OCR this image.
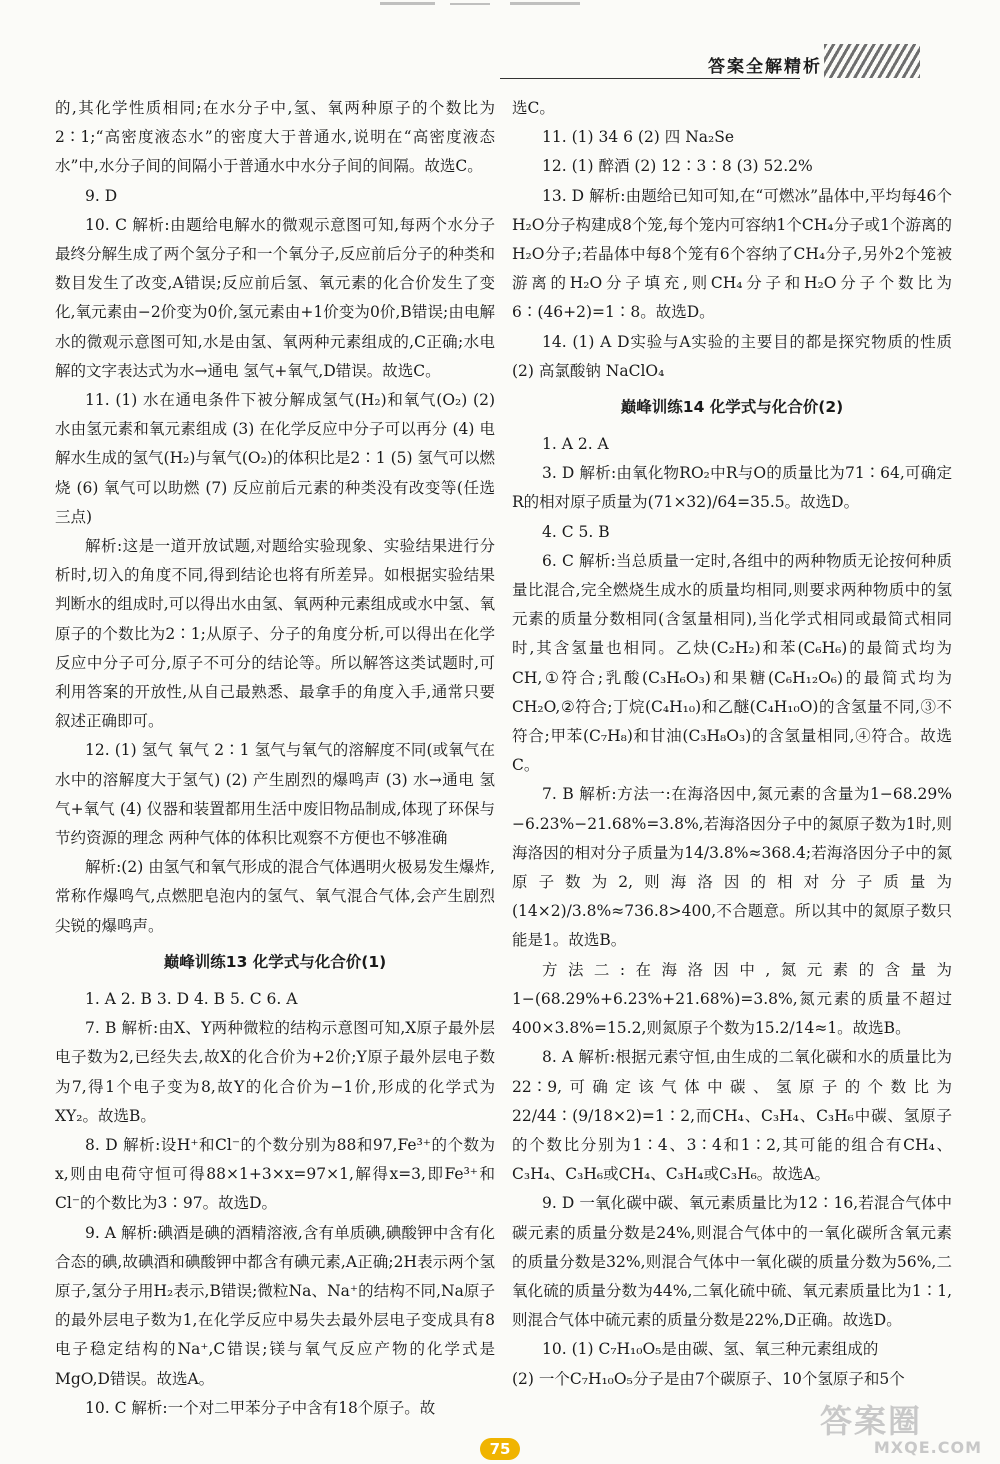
答案全解精析

的,其化学性质相同;在水分子中,氢、氧两种原子的个数比为2∶1;“高密度液态水”的密度大于普通水,说明在“高密度液态水”中,水分子间的间隔小于普通水中水分子间的间隔。故选C。

9. D

10. C 解析:由题给电解水的微观示意图可知,每两个水分子最终分解生成了两个氢分子和一个氧分子,反应前后分子的种类和数目发生了改变,A错误;反应前后氢、氧元素的化合价发生了变化,氧元素由−2价变为0价,氢元素由+1价变为0价,B错误;由电解水的微观示意图可知,水是由氢、氧两种元素组成的,C正确;水电解的文字表达式为水→通电 氢气+氧气,D错误。故选C。

11. (1) 水在通电条件下被分解成氢气(H₂)和氧气(O₂) (2) 水由氢元素和氧元素组成 (3) 在化学反应中分子可以再分 (4) 电解水生成的氢气(H₂)与氧气(O₂)的体积比是2∶1 (5) 氢气可以燃烧 (6) 氧气可以助燃 (7) 反应前后元素的种类没有改变等(任选三点)

解析:这是一道开放试题,对题给实验现象、实验结果进行分析时,切入的角度不同,得到结论也将有所差异。如根据实验结果判断水的组成时,可以得出水由氢、氧两种元素组成或水中氢、氧原子的个数比为2∶1;从原子、分子的角度分析,可以得出在化学反应中分子可分,原子不可分的结论等。所以解答这类试题时,可利用答案的开放性,从自己最熟悉、最拿手的角度入手,通常只要叙述正确即可。

12. (1) 氢气 氧气 2∶1 氢气与氧气的溶解度不同(或氧气在水中的溶解度大于氢气) (2) 产生剧烈的爆鸣声 (3) 水→通电 氢气+氧气 (4) 仪器和装置都用生活中废旧物品制成,体现了环保与节约资源的理念 两种气体的体积比观察不方便也不够准确

解析:(2) 由氢气和氧气形成的混合气体遇明火极易发生爆炸,常称作爆鸣气,点燃肥皂泡内的氢气、氧气混合气体,会产生剧烈尖锐的爆鸣声。

巅峰训练13 化学式与化合价(1)

1. A 2. B 3. D 4. B 5. C 6. A

7. B 解析:由X、Y两种微粒的结构示意图可知,X原子最外层电子数为2,已经失去,故X的化合价为+2价;Y原子最外层电子数为7,得1个电子变为8,故Y的化合价为−1价,形成的化学式为XY₂。故选B。

8. D 解析:设H⁺和Cl⁻的个数分别为88和97,Fe³⁺的个数为x,则由电荷守恒可得88×1+3×x=97×1,解得x=3,即Fe³⁺和Cl⁻的个数比为3∶97。故选D。

9. A 解析:碘酒是碘的酒精溶液,含有单质碘,碘酸钾中含有化合态的碘,故碘酒和碘酸钾中都含有碘元素,A正确;2H表示两个氢原子,氢分子用H₂表示,B错误;微粒Na、Na⁺的结构不同,Na原子的最外层电子数为1,在化学反应中易失去最外层电子变成具有8电子稳定结构的Na⁺,C错误;镁与氧气反应产物的化学式是MgO,D错误。故选A。

10. C 解析:一个对二甲苯分子中含有18个原子。故

选C。

11. (1) 34 6 (2) 四 Na₂Se

12. (1) 醉酒 (2) 12∶3∶8 (3) 52.2%

13. D 解析:由题给已知可知,在“可燃冰”晶体中,平均每46个H₂O分子构建成8个笼,每个笼内可容纳1个CH₄分子或1个游离的H₂O分子;若晶体中每8个笼有6个容纳了CH₄分子,另外2个笼被游离的H₂O分子填充,则CH₄分子和H₂O分子个数比为6∶(46+2)=1∶8。故选D。

14. (1) A D实验与A实验的主要目的都是探究物质的性质 (2) 高氯酸钠 NaClO₄

巅峰训练14 化学式与化合价(2)

1. A 2. A

3. D 解析:由氧化物RO₂中R与O的质量比为71∶64,可确定R的相对原子质量为(71×32)/64=35.5。故选D。

4. C 5. B

6. C 解析:当总质量一定时,各组中的两种物质无论按何种质量比混合,完全燃烧生成水的质量均相同,则要求两种物质中的氢元素的质量分数相同(含氢量相同),当化学式相同或最简式相同时,其含氢量也相同。乙炔(C₂H₂)和苯(C₆H₆)的最简式均为CH,①符合;乳酸(C₃H₆O₃)和果糖(C₆H₁₂O₆)的最简式均为CH₂O,②符合;丁烷(C₄H₁₀)和乙醚(C₄H₁₀O)的含氢量不同,③不符合;甲苯(C₇H₈)和甘油(C₃H₈O₃)的含氢量相同,④符合。故选C。

7. B 解析:方法一:在海洛因中,氮元素的含量为1−68.29%−6.23%−21.68%=3.8%,若海洛因分子中的氮原子数为1时,则海洛因的相对分子质量为14/3.8%≈368.4;若海洛因分子中的氮原子数为2,则海洛因的相对分子质量为(14×2)/3.8%≈736.8>400,不合题意。所以其中的氮原子数只能是1。故选B。

方法二:在海洛因中,氮元素的含量为1−(68.29%+6.23%+21.68%)=3.8%,氮元素的质量不超过400×3.8%=15.2,则氮原子个数为15.2/14≈1。故选B。

8. A 解析:根据元素守恒,由生成的二氧化碳和水的质量比为22∶9,可确定该气体中碳、氢原子的个数比为22/44∶(9/18×2)=1∶2,而CH₄、C₃H₄、C₃H₆中碳、氢原子的个数比分别为1∶4、3∶4和1∶2,其可能的组合有CH₄、C₃H₄、C₃H₆或CH₄、C₃H₄或C₃H₆。故选A。

9. D 一氧化碳中碳、氧元素质量比为12∶16,若混合气体中碳元素的质量分数是24%,则混合气体中的一氧化碳所含氧元素的质量分数是32%,则混合气体中一氧化碳的质量分数为56%,二氧化硫的质量分数为44%,二氧化硫中硫、氧元素质量比为1∶1,则混合气体中硫元素的质量分数是22%,D正确。故选D。

10. (1) C₇H₁₀O₅是由碳、氢、氧三种元素组成的

(2) 一个C₇H₁₀O₅分子是由7个碳原子、10个氢原子和5个

75
答案圈
MXQE.COM
